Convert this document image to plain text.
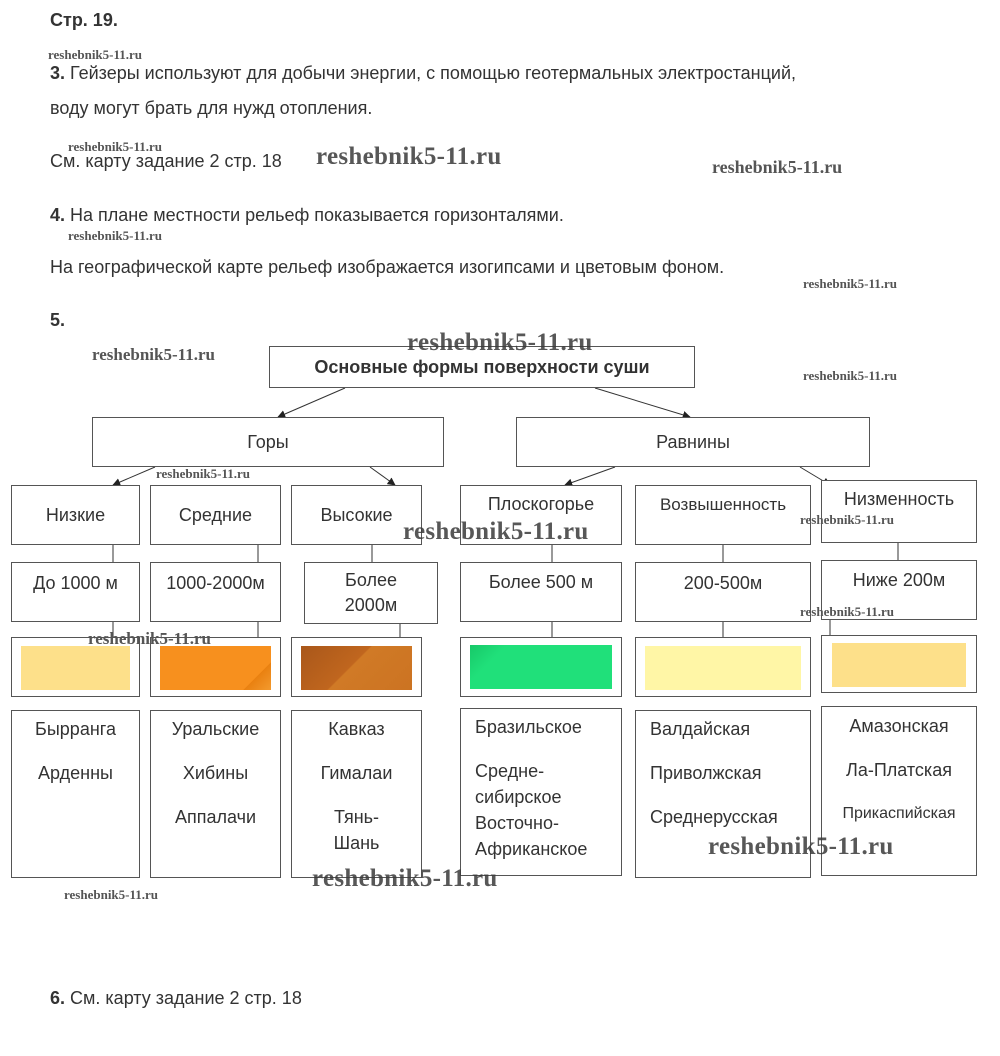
Стр. 19.
3. Гейзеры используют для добычи энергии, с помощью геотермальных электростанций,
воду могут брать для нужд отопления.
См. карту задание 2 стр. 18
4. На плане местности рельеф показывается горизонталями.
На географической карте рельеф изображается изогипсами и цветовым фоном.
5.
6. См. карту задание 2 стр. 18
Основные формы поверхности суши
Горы	Равнины
Низкие	Средние	Высокие
Плоскогорье	Возвышенность	Низменность
До 1000 м	1000-2000м	Более
2000м
Более 500 м	200-500м	Ниже 200м
Бырранга
Арденны
Уральские
Хибины
Аппалачи
Кавказ
Гималаи
Тянь-
Шань
Бразильское
Средне-
сибирское
Восточно-
Африканское
Валдайская
Приволжская
Среднерусская
Амазонская
Ла-Платская
Прикаспийская
reshebnik5-11.ru
reshebnik5-11.ru	reshebnik5-11.ru	reshebnik5-11.ru
reshebnik5-11.ru
reshebnik5-11.ru
reshebnik5-11.ru
reshebnik5-11.ru
reshebnik5-11.ru
reshebnik5-11.ru
reshebnik5-11.ru
reshebnik5-11.ru
reshebnik5-11.ru
reshebnik5-11.ru
reshebnik5-11.ru
reshebnik5-11.ru
reshebnik5-11.ru
